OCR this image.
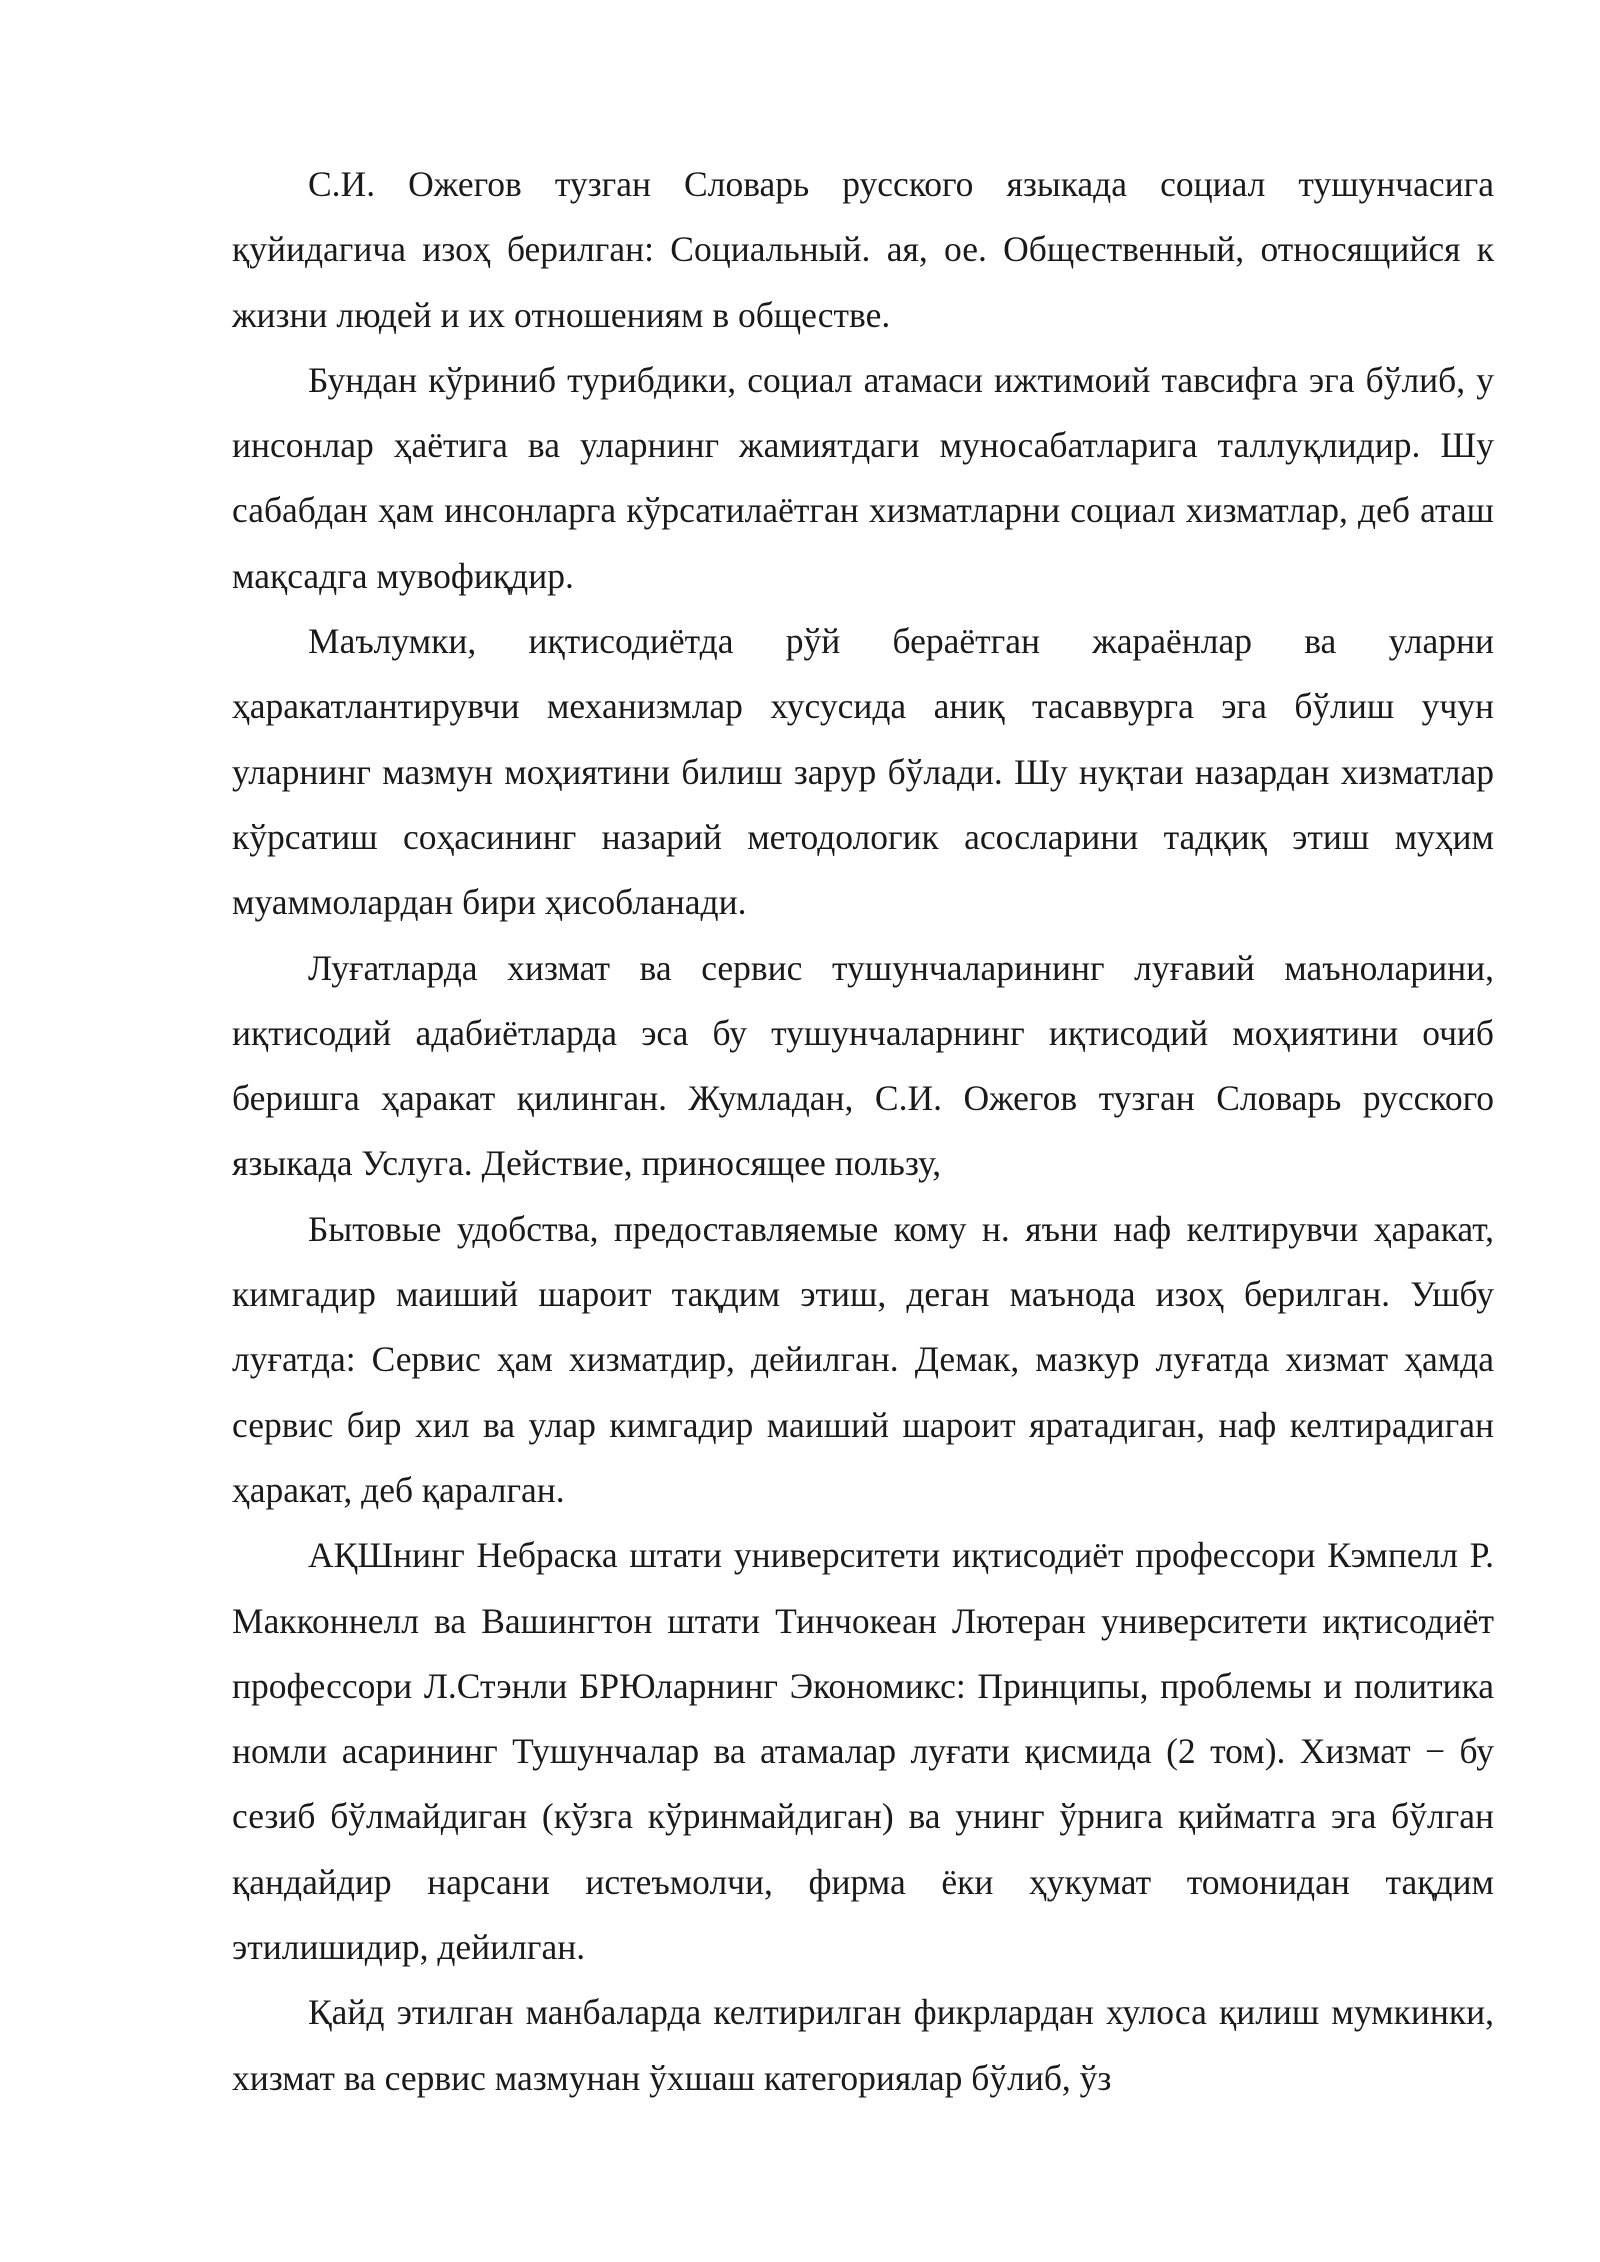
С.И. Ожегов тузган Словарь русского языкада социал тушунчасига қуйидагича изоҳ берилган: Социальный. ая, ое. Общественный, относящийся к жизни людей и их отношениям в обществе.

Бундан кўриниб турибдики, социал атамаси ижтимоий тавсифга эга бўлиб, у инсонлар ҳаётига ва уларнинг жамиятдаги муносабатларига таллуқлидир. Шу сабабдан ҳам инсонларга кўрсатилаётган хизматларни социал хизматлар, деб аташ мақсадга мувофиқдир.

Маълумки, иқтисодиётда рўй бераётган жараёнлар ва уларни ҳаракатлантирувчи механизмлар хусусида аниқ тасаввурга эга бўлиш учун уларнинг мазмун моҳиятини билиш зарур бўлади. Шу нуқтаи назардан хизматлар кўрсатиш соҳасининг назарий методологик асосларини тадқиқ этиш муҳим муаммолардан бири ҳисобланади.

Луғатларда хизмат ва сервис тушунчаларининг луғавий маъноларини, иқтисодий адабиётларда эса бу тушунчаларнинг иқтисодий моҳиятини очиб беришга ҳаракат қилинган. Жумладан, С.И. Ожегов тузган Словарь русского языкада Услуга. Действие, приносящее пользу,

Бытовые удобства, предоставляемые кому н. яъни наф келтирувчи ҳаракат, кимгадир маиший шароит тақдим этиш, деган маънода изоҳ берилган. Ушбу луғатда: Сервис ҳам хизматдир, дейилган. Демак, мазкур луғатда хизмат ҳамда сервис бир хил ва улар кимгадир маиший шароит яратадиган, наф келтирадиган ҳаракат, деб қаралган.

АҚШнинг Небраска штати университети иқтисодиёт профессори Кэмпелл Р. Макконнелл ва Вашингтон штати Тинчокеан Лютеран университети иқтисодиёт профессори Л.Стэнли БРЮларнинг Экономикс: Принципы, проблемы и политика номли асарининг Тушунчалар ва атамалар луғати қисмида (2 том). Хизмат − бу сезиб бўлмайдиган (кўзга кўринмайдиган) ва унинг ўрнига қийматга эга бўлган қандайдир нарсани истеъмолчи, фирма ёки ҳукумат томонидан тақдим этилишидир, дейилган.

Қайд этилган манбаларда келтирилган фикрлардан хулоса қилиш мумкинки, хизмат ва сервис мазмунан ўхшаш категориялар бўлиб, ўз
